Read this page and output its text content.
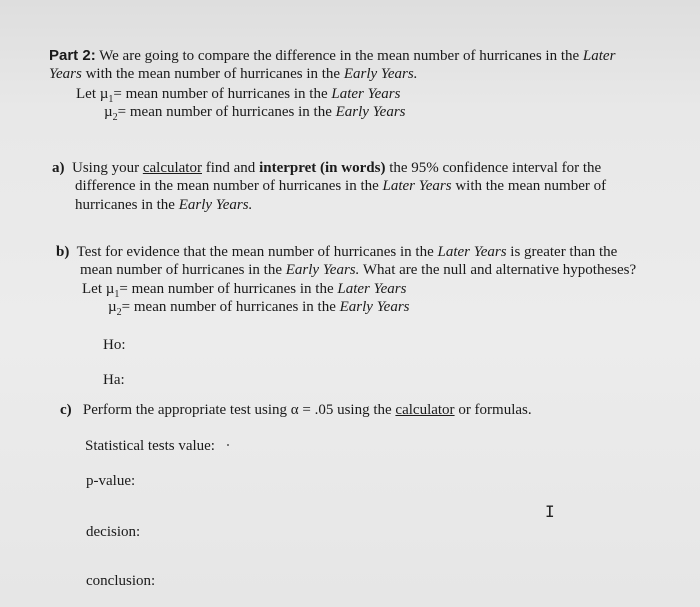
Part 2: We are going to compare the difference in the mean number of hurricanes in the Later
Years with the mean number of hurricanes in the Early Years.
Let µ$_1$= mean number of hurricanes in the Later Years
µ$_2$= mean number of hurricanes in the Early Years
a) Using your calculator find and interpret (in words) the 95% confidence interval for the
difference in the mean number of hurricanes in the Later Years with the mean number of
hurricanes in the Early Years.
b) Test for evidence that the mean number of hurricanes in the Later Years is greater than the
mean number of hurricanes in the Early Years. What are the null and alternative hypotheses?
Let µ$_1$= mean number of hurricanes in the Later Years
µ$_2$= mean number of hurricanes in the Early Years
Ho:
Ha:
c) Perform the appropriate test using α = .05 using the calculator or formulas.
Statistical tests value:
p-value:
decision:
conclusion:
I
